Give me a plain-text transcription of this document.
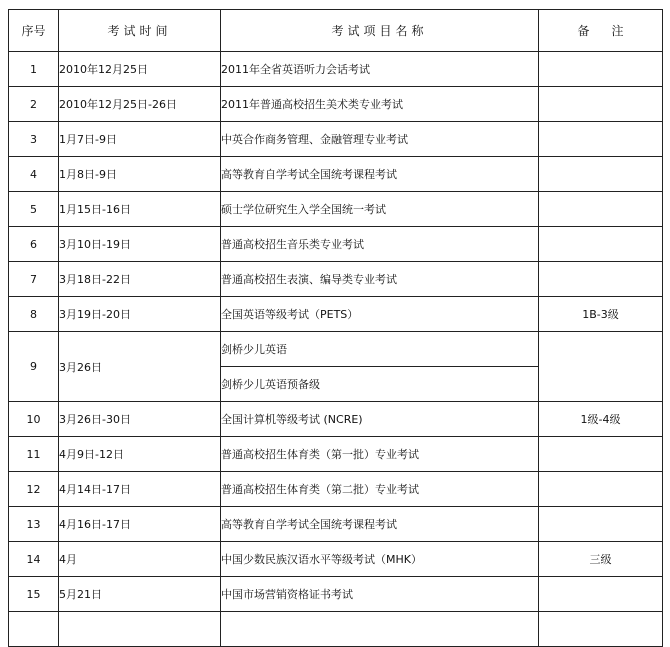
序号	考试时间	考试项目名称	备注
1	2010年12月25日	2011年全省英语听力会话考试	
2	2010年12月25日-26日	2011年普通高校招生美术类专业考试	
3	1月7日-9日	中英合作商务管理、金融管理专业考试	
4	1月8日-9日	高等教育自学考试全国统考课程考试	
5	1月15日-16日	硕士学位研究生入学全国统一考试	
6	3月10日-19日	普通高校招生音乐类专业考试	
7	3月18日-22日	普通高校招生表演、编导类专业考试	
8	3月19日-20日	全国英语等级考试（PETS）	1B-3级
9	3月26日	剑桥少儿英语	
		剑桥少儿英语预备级	
10	3月26日-30日	全国计算机等级考试 (NCRE)	1级-4级
11	4月9日-12日	普通高校招生体育类（第一批）专业考试	
12	4月14日-17日	普通高校招生体育类（第二批）专业考试	
13	4月16日-17日	高等教育自学考试全国统考课程考试	
14	4月	中国少数民族汉语水平等级考试（MHK）	三级
15	5月21日	中国市场营销资格证书考试	
